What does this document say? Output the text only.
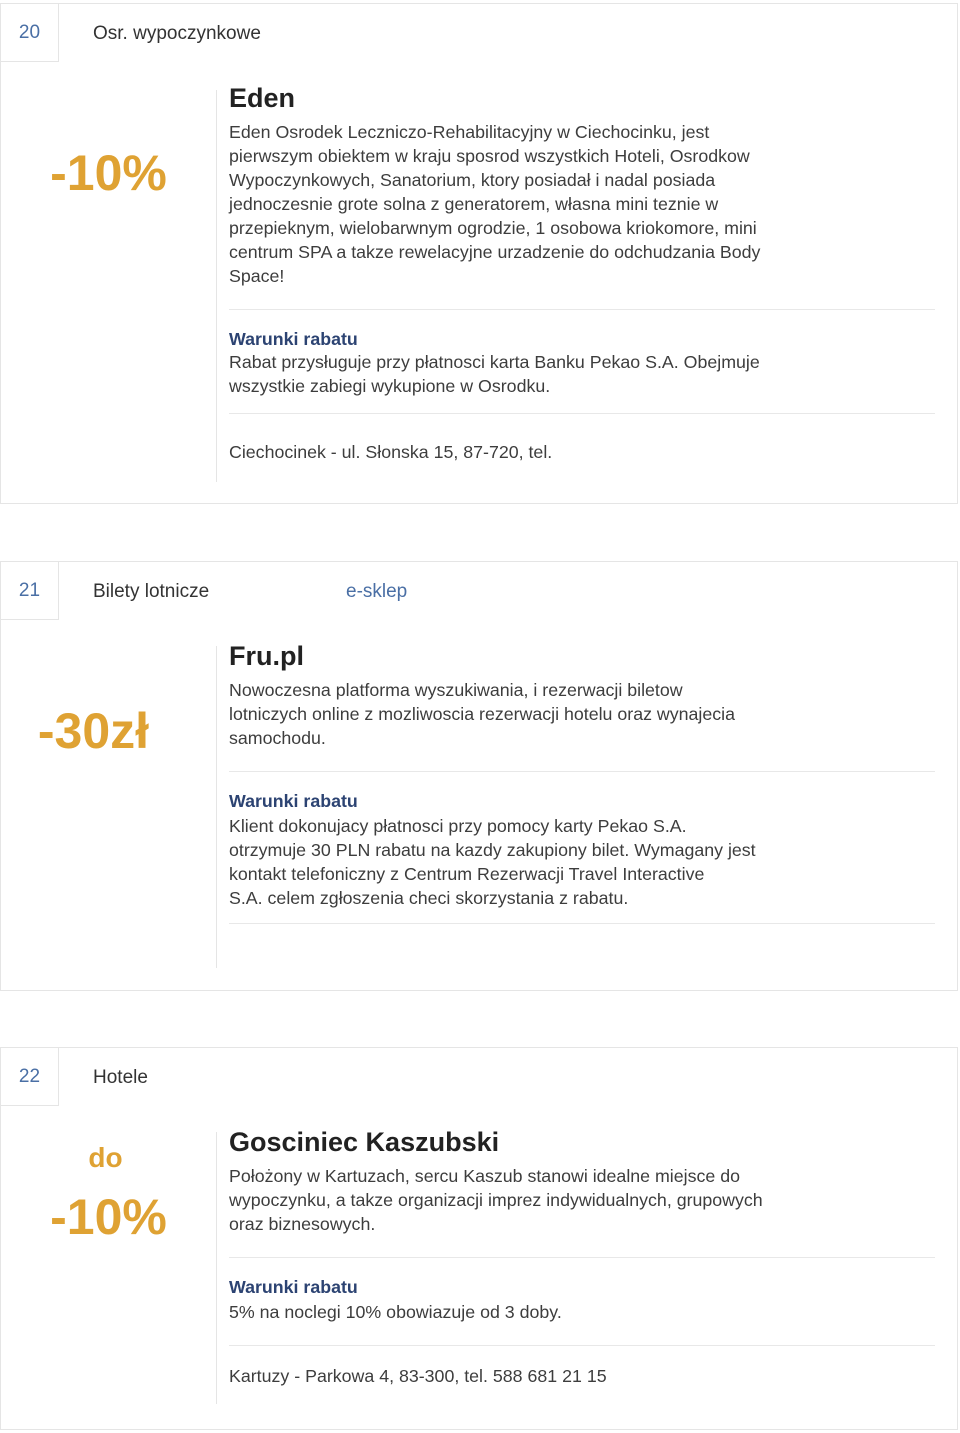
20	Osr. wypoczynkowe
-10%
Eden
Eden Osrodek Leczniczo-Rehabilitacyjny w Ciechocinku, jest
pierwszym obiektem w kraju sposrod wszystkich Hoteli, Osrodkow
Wypoczynkowych, Sanatorium, ktory posiadał i nadal posiada
jednoczesnie grote solna z generatorem, własna mini teznie w
przepieknym, wielobarwnym ogrodzie, 1 osobowa kriokomore, mini
centrum SPA a takze rewelacyjne urzadzenie do odchudzania Body
Space!
Warunki rabatu
Rabat przysługuje przy płatnosci karta Banku Pekao S.A. Obejmuje
wszystkie zabiegi wykupione w Osrodku.
Ciechocinek - ul. Słonska 15, 87-720, tel.
21	Bilety lotnicze	e-sklep
-30zł
Fru.pl
Nowoczesna platforma wyszukiwania, i rezerwacji biletow
lotniczych online z mozliwoscia rezerwacji hotelu oraz wynajecia
samochodu.
Warunki rabatu
Klient dokonujacy płatnosci przy pomocy karty Pekao S.A.
otrzymuje 30 PLN rabatu na kazdy zakupiony bilet. Wymagany jest
kontakt telefoniczny z Centrum Rezerwacji Travel Interactive
S.A. celem zgłoszenia checi skorzystania z rabatu.
22	Hotele
do
-10%
Gosciniec Kaszubski
Położony w Kartuzach, sercu Kaszub stanowi idealne miejsce do
wypoczynku, a takze organizacji imprez indywidualnych, grupowych
oraz biznesowych.
Warunki rabatu
5% na noclegi 10% obowiazuje od 3 doby.
Kartuzy - Parkowa 4, 83-300, tel. 588 681 21 15
